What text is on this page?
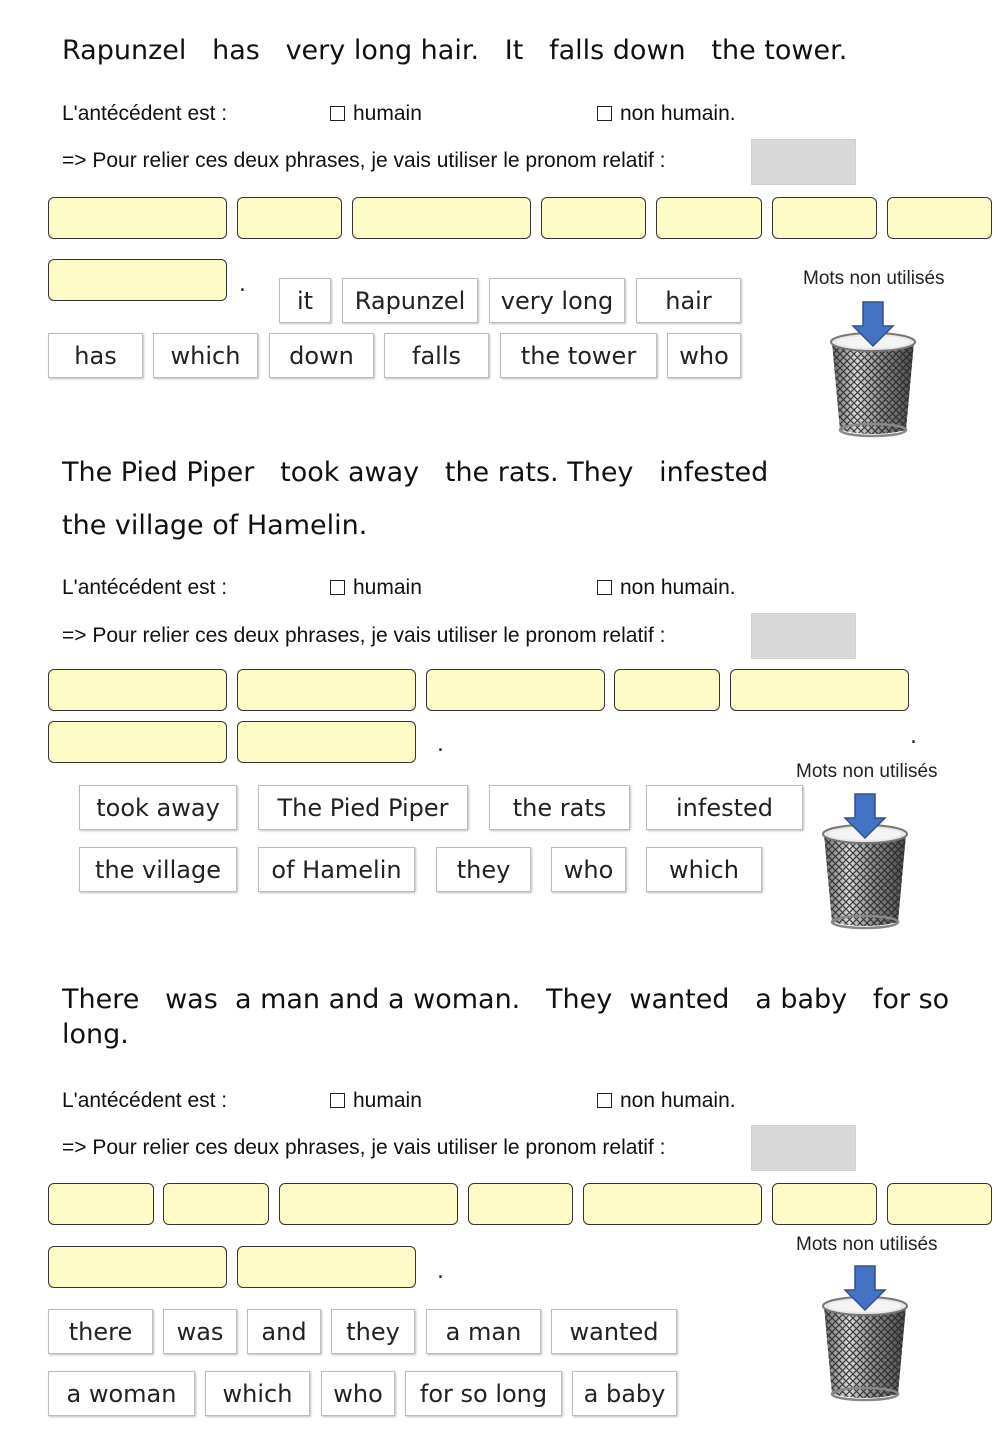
Rapunzel   has   very long hair.   It   falls down   the tower.
L'antécédent est :	humain	non humain.
=> Pour relier ces deux phrases, je vais utiliser le pronom relatif :
.
it	Rapunzel	very long	hair
has	which	down	falls	the tower	who
Mots non utilisés
The Pied Piper   took away   the rats. They   infested
the village of Hamelin.
L'antécédent est :	humain	non humain.
=> Pour relier ces deux phrases, je vais utiliser le pronom relatif :
.	.
took away	The Pied Piper	the rats	infested
the village	of Hamelin	they	who	which
Mots non utilisés
There   was  a man and a woman.   They  wanted   a baby   for so
long.
L'antécédent est :	humain	non humain.
=> Pour relier ces deux phrases, je vais utiliser le pronom relatif :
.
there	was	and	they	a man	wanted
a woman	which	who	for so long	a baby
Mots non utilisés
